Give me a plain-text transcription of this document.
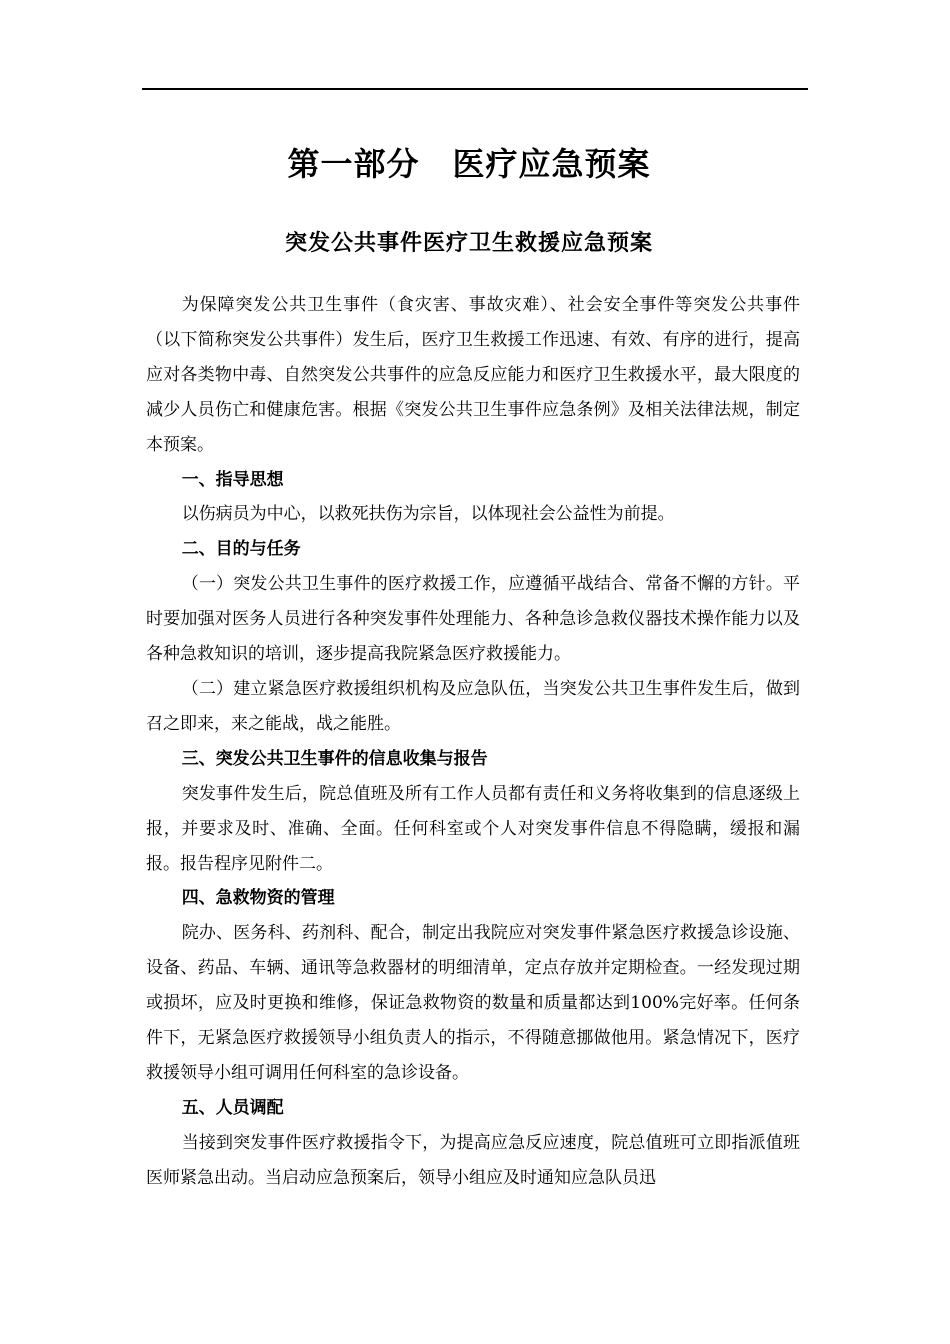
第一部分　医疗应急预案
突发公共事件医疗卫生救援应急预案

为保障突发公共卫生事件（食灾害、事故灾难）、社会安全事件等突发公共事件（以下简称突发公共事件）发生后，医疗卫生救援工作迅速、有效、有序的进行，提高应对各类物中毒、自然突发公共事件的应急反应能力和医疗卫生救援水平，最大限度的减少人员伤亡和健康危害。根据《突发公共卫生事件应急条例》及相关法律法规，制定本预案。

一、指导思想

以伤病员为中心，以救死扶伤为宗旨，以体现社会公益性为前提。

二、目的与任务

（一）突发公共卫生事件的医疗救援工作，应遵循平战结合、常备不懈的方针。平时要加强对医务人员进行各种突发事件处理能力、各种急诊急救仪器技术操作能力以及各种急救知识的培训，逐步提高我院紧急医疗救援能力。

（二）建立紧急医疗救援组织机构及应急队伍，当突发公共卫生事件发生后，做到召之即来，来之能战，战之能胜。

三、突发公共卫生事件的信息收集与报告

突发事件发生后，院总值班及所有工作人员都有责任和义务将收集到的信息逐级上报，并要求及时、准确、全面。任何科室或个人对突发事件信息不得隐瞒，缓报和漏报。报告程序见附件二。

四、急救物资的管理

院办、医务科、药剂科、配合，制定出我院应对突发事件紧急医疗救援急诊设施、设备、药品、车辆、通讯等急救器材的明细清单，定点存放并定期检查。一经发现过期或损坏，应及时更换和维修，保证急救物资的数量和质量都达到100%完好率。任何条件下，无紧急医疗救援领导小组负责人的指示，不得随意挪做他用。紧急情况下，医疗救援领导小组可调用任何科室的急诊设备。

五、人员调配

当接到突发事件医疗救援指令下，为提高应急反应速度，院总值班可立即指派值班医师紧急出动。当启动应急预案后，领导小组应及时通知应急队员迅
